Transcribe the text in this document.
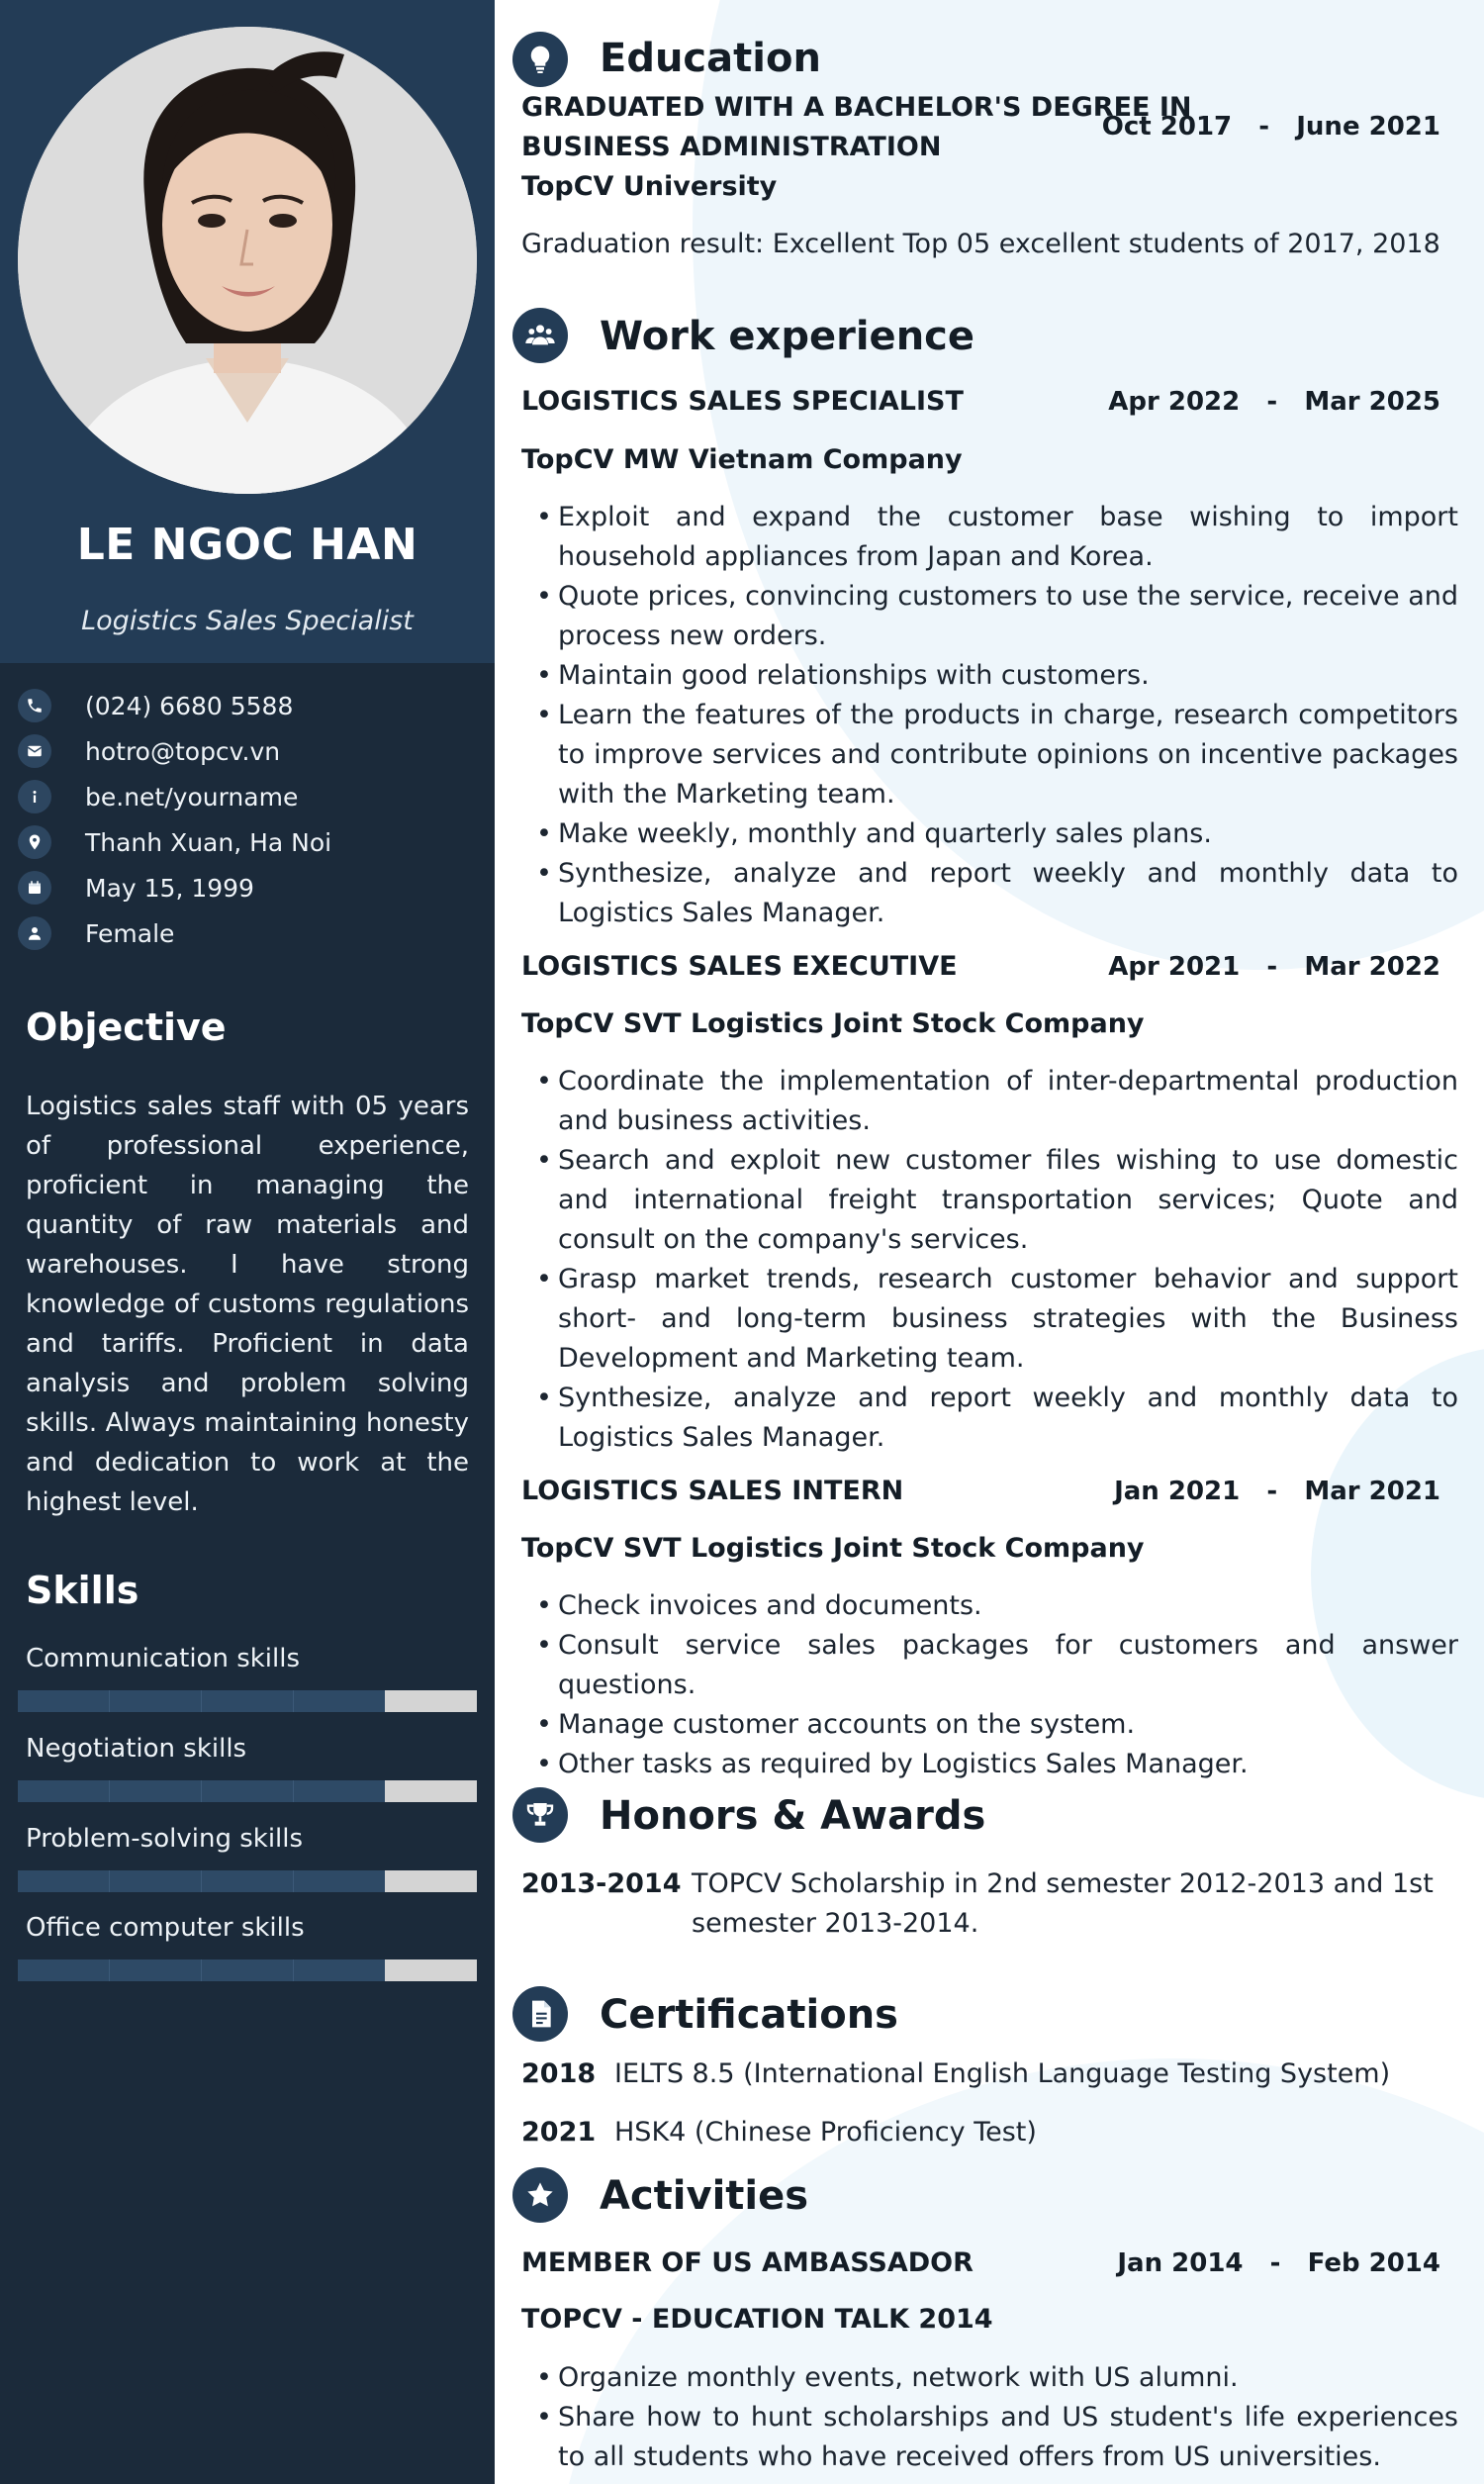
LE NGOC HAN
Logistics Sales Specialist
(024) 6680 5588
hotro@topcv.vn
be.net/yourname
Thanh Xuan, Ha Noi
May 15, 1999
Female
Objective
Logistics sales staff with 05 years of professional experience, proficient in managing the quantity of raw materials and warehouses. I have strong knowledge of customs regulations and tariffs. Proficient in data analysis and problem solving skills. Always maintaining honesty and dedication to work at the highest level.
Skills
Communication skills
Negotiation skills
Problem-solving skills
Office computer skills
Education
GRADUATED WITH A BACHELOR'S DEGREE IN
BUSINESS ADMINISTRATION
Oct 2017   -   June 2021
TopCV University
Graduation result: Excellent Top 05 excellent students of 2017, 2018
Work experience
LOGISTICS SALES SPECIALIST	Apr 2022   -   Mar 2025
TopCV MW Vietnam Company
• Exploit and expand the customer base wishing to import household appliances from Japan and Korea.
• Quote prices, convincing customers to use the service, receive and process new orders.
• Maintain good relationships with customers.
• Learn the features of the products in charge, research competitors to improve services and contribute opinions on incentive packages with the Marketing team.
• Make weekly, monthly and quarterly sales plans.
• Synthesize, analyze and report weekly and monthly data to Logistics Sales Manager.
LOGISTICS SALES EXECUTIVE	Apr 2021   -   Mar 2022
TopCV SVT Logistics Joint Stock Company
• Coordinate the implementation of inter-departmental production and business activities.
• Search and exploit new customer files wishing to use domestic and international freight transportation services; Quote and consult on the company's services.
• Grasp market trends, research customer behavior and support short- and long-term business strategies with the Business Development and Marketing team.
• Synthesize, analyze and report weekly and monthly data to Logistics Sales Manager.
LOGISTICS SALES INTERN	Jan 2021   -   Mar 2021
TopCV SVT Logistics Joint Stock Company
• Check invoices and documents.
• Consult service sales packages for customers and answer questions.
• Manage customer accounts on the system.
• Other tasks as required by Logistics Sales Manager.
Honors & Awards
2013-2014 TOPCV Scholarship in 2nd semester 2012-2013 and 1st
semester 2013-2014.
Certifications
2018 IELTS 8.5 (International English Language Testing System)
2021 HSK4 (Chinese Proficiency Test)
Activities
MEMBER OF US AMBASSADOR	Jan 2014   -   Feb 2014
TOPCV - EDUCATION TALK 2014
• Organize monthly events, network with US alumni.
• Share how to hunt scholarships and US student's life experiences to all students who have received offers from US universities.
